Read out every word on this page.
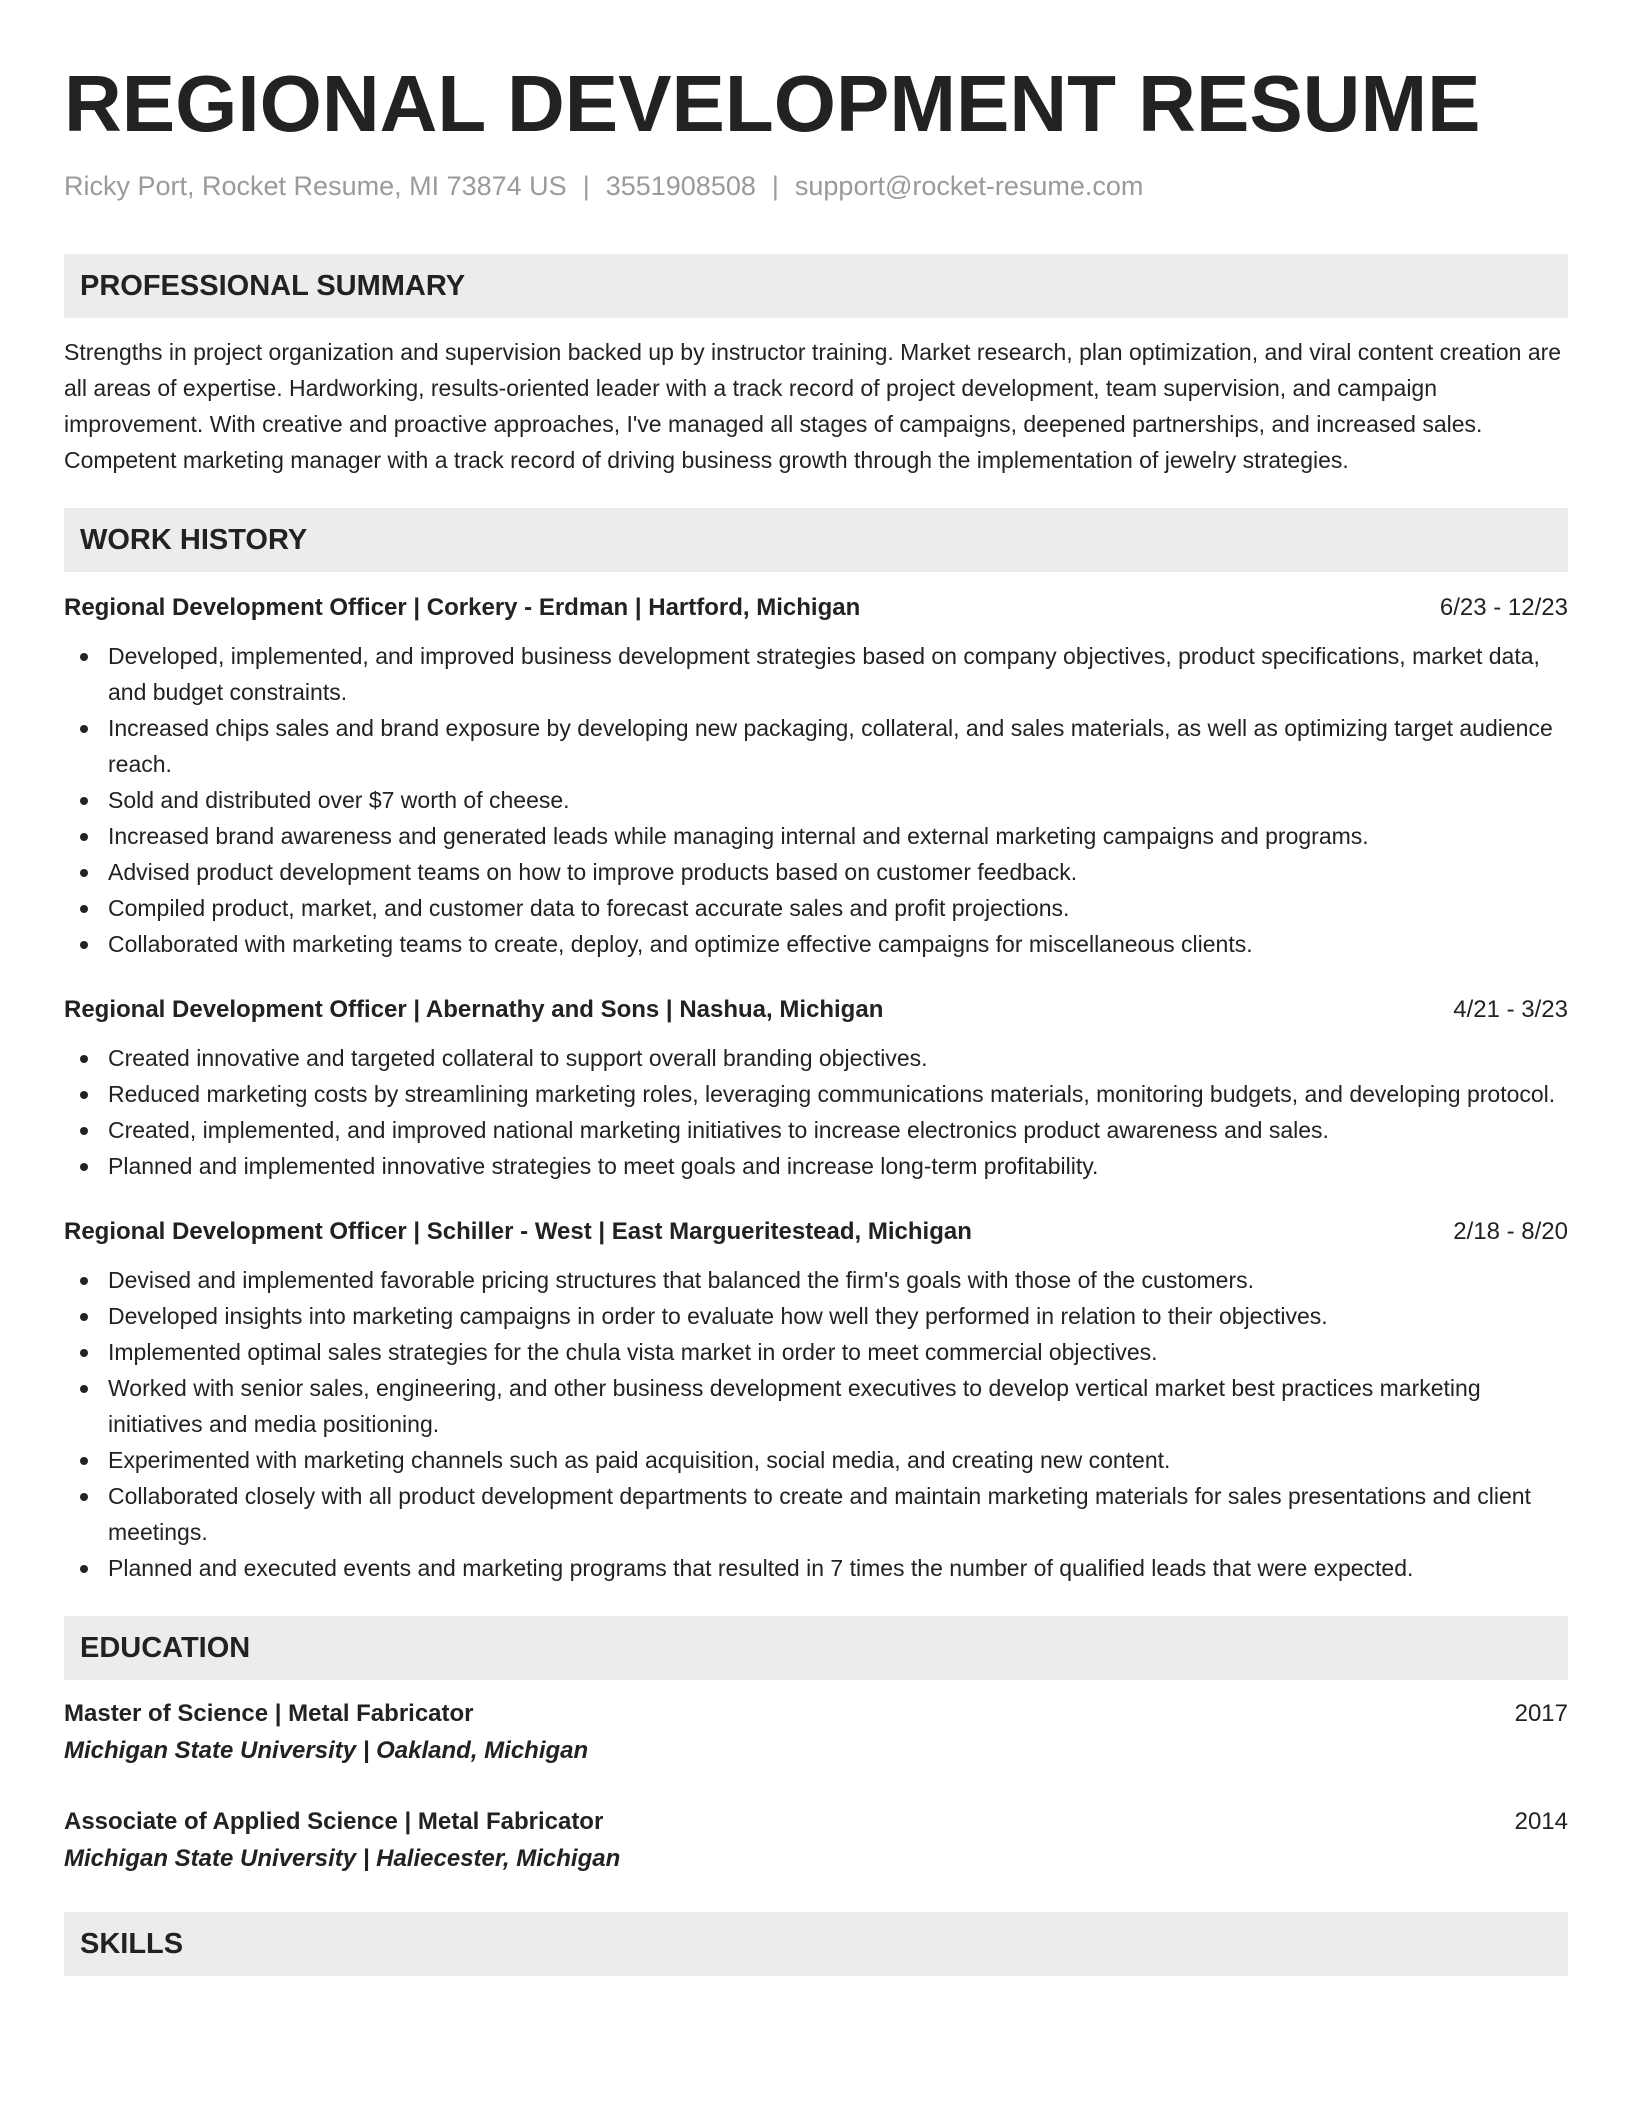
REGIONAL DEVELOPMENT RESUME
Ricky Port, Rocket Resume, MI 73874 US | 3551908508 | support@rocket-resume.com
PROFESSIONAL SUMMARY

Strengths in project organization and supervision backed up by instructor training. Market research, plan optimization, and viral content creation are all areas of expertise. Hardworking, results-oriented leader with a track record of project development, team supervision, and campaign improvement. With creative and proactive approaches, I've managed all stages of campaigns, deepened partnerships, and increased sales. Competent marketing manager with a track record of driving business growth through the implementation of jewelry strategies.

WORK HISTORY
Regional Development Officer | Corkery - Erdman | Hartford, Michigan	6/23 - 12/23
Developed, implemented, and improved business development strategies based on company objectives, product specifications, market data, and budget constraints.
Increased chips sales and brand exposure by developing new packaging, collateral, and sales materials, as well as optimizing target audience reach.
Sold and distributed over $7 worth of cheese.
Increased brand awareness and generated leads while managing internal and external marketing campaigns and programs.
Advised product development teams on how to improve products based on customer feedback.
Compiled product, market, and customer data to forecast accurate sales and profit projections.
Collaborated with marketing teams to create, deploy, and optimize effective campaigns for miscellaneous clients.
Regional Development Officer | Abernathy and Sons | Nashua, Michigan	4/21 - 3/23
Created innovative and targeted collateral to support overall branding objectives.
Reduced marketing costs by streamlining marketing roles, leveraging communications materials, monitoring budgets, and developing protocol.
Created, implemented, and improved national marketing initiatives to increase electronics product awareness and sales.
Planned and implemented innovative strategies to meet goals and increase long-term profitability.
Regional Development Officer | Schiller - West | East Margueritestead, Michigan	2/18 - 8/20
Devised and implemented favorable pricing structures that balanced the firm's goals with those of the customers.
Developed insights into marketing campaigns in order to evaluate how well they performed in relation to their objectives.
Implemented optimal sales strategies for the chula vista market in order to meet commercial objectives.
Worked with senior sales, engineering, and other business development executives to develop vertical market best practices marketing initiatives and media positioning.
Experimented with marketing channels such as paid acquisition, social media, and creating new content.
Collaborated closely with all product development departments to create and maintain marketing materials for sales presentations and client meetings.
Planned and executed events and marketing programs that resulted in 7 times the number of qualified leads that were expected.
EDUCATION
Master of Science | Metal Fabricator	2017
Michigan State University | Oakland, Michigan
Associate of Applied Science | Metal Fabricator	2014
Michigan State University | Haliecester, Michigan
SKILLS
